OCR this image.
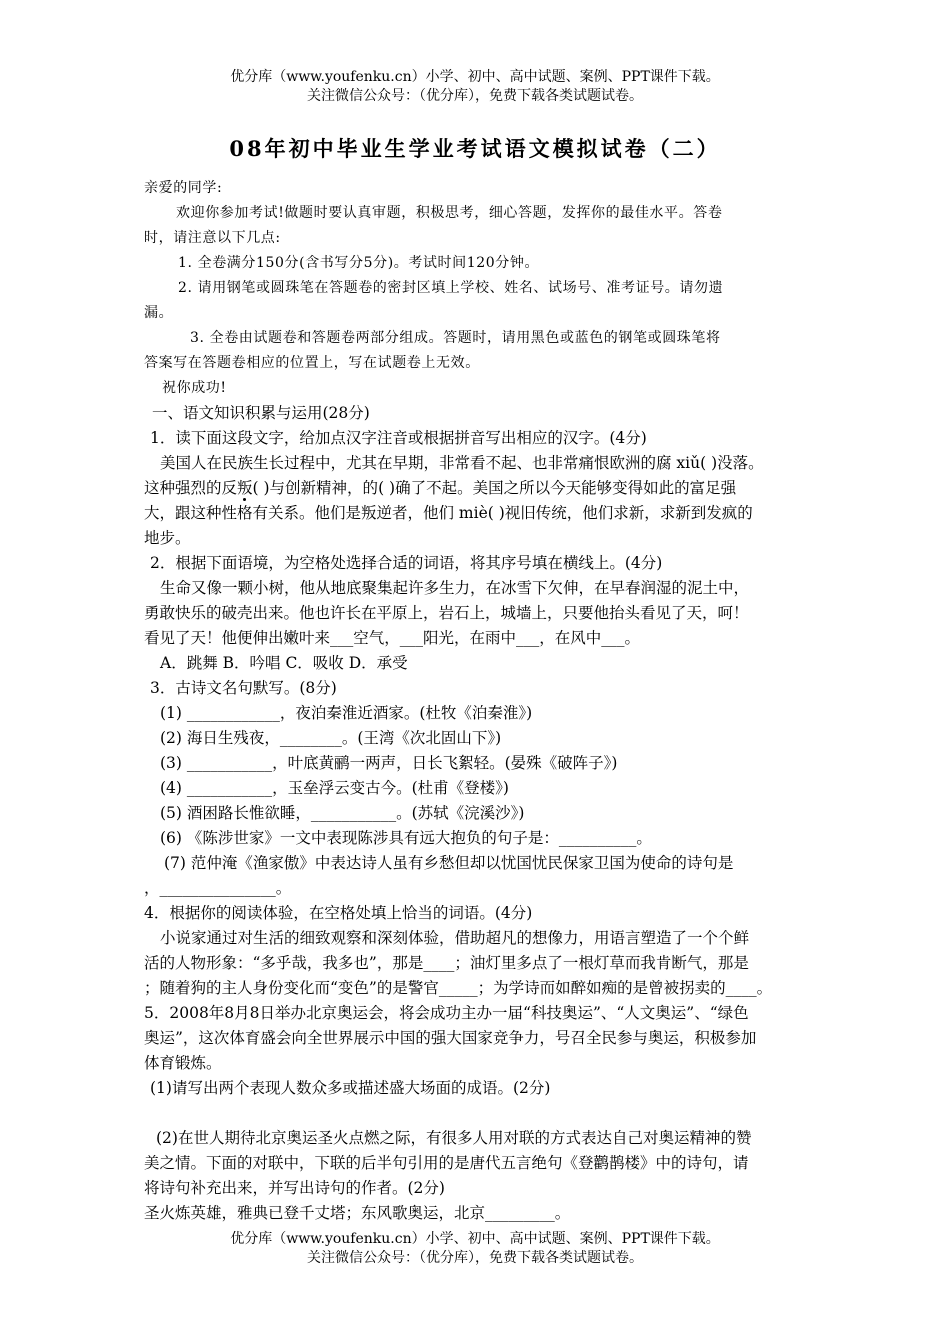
优分库（www.youfenku.cn）小学、初中、高中试题、案例、PPT课件下载。
关注微信公众号：（优分库），免费下载各类试题试卷。
08年初中毕业生学业考试语文模拟试卷（二）
亲爱的同学:
欢迎你参加考试!做题时要认真审题，积极思考，细心答题，发挥你的最佳水平。答卷
时，请注意以下几点:
1. 全卷满分150分(含书写分5分)。考试时间120分钟。
2. 请用钢笔或圆珠笔在答题卷的密封区填上学校、姓名、试场号、准考证号。请勿遗
漏。
3. 全卷由试题卷和答题卷两部分组成。答题时，请用黑色或蓝色的钢笔或圆珠笔将
答案写在答题卷相应的位置上，写在试题卷上无效。
祝你成功!
一、语文知识积累与运用(28分)
1．读下面这段文字，给加点汉字注音或根据拼音写出相应的汉字。(4分)
美国人在民族生长过程中，尤其在早期，非常看不起、也非常痛恨欧洲的腐 xiǔ( )没落。
这种强烈的反叛( )与创新精神，的( )确了不起。美国之所以今天能够变得如此的富足强
大，跟这种性格有关系。他们是叛逆者，他们 miè( )视旧传统，他们求新，求新到发疯的
地步。
2．根据下面语境，为空格处选择合适的词语，将其序号填在横线上。(4分)
生命又像一颗小树，他从地底聚集起许多生力，在冰雪下欠伸，在早春润湿的泥土中，
勇敢快乐的破壳出来。他也许长在平原上，岩石上，城墙上，只要他抬头看见了天，呵！
看见了天！他便伸出嫩叶来___空气，___阳光，在雨中___，在风中___。
A．跳舞 B．吟唱 C．吸收 D．承受
3．古诗文名句默写。(8分)
(1) ____________，夜泊秦淮近酒家。(杜牧《泊秦淮》)
(2) 海日生残夜，________。(王湾《次北固山下》)
(3) ___________，叶底黄鹂一两声，日长飞絮轻。(晏殊《破阵子》)
(4) ___________，玉垒浮云变古今。(杜甫《登楼》)
(5) 酒困路长惟欲睡，___________。(苏轼《浣溪沙》)
(6) 《陈涉世家》一文中表现陈涉具有远大抱负的句子是：__________。
(7) 范仲淹《渔家傲》中表达诗人虽有乡愁但却以忧国忧民保家卫国为使命的诗句是
，_______________。
4．根据你的阅读体验，在空格处填上恰当的词语。(4分)
小说家通过对生活的细致观察和深刻体验，借助超凡的想像力，用语言塑造了一个个鲜
活的人物形象：“多乎哉，我多也”，那是____；油灯里多点了一根灯草而我肯断气，那是
；随着狗的主人身份变化而“变色”的是警官_____；为学诗而如醉如痴的是曾被拐卖的____。
5．2008年8月8日举办北京奥运会，将会成功主办一届“科技奥运”、“人文奥运”、“绿色
奥运”，这次体育盛会向全世界展示中国的强大国家竞争力，号召全民参与奥运，积极参加
体育锻炼。
(1)请写出两个表现人数众多或描述盛大场面的成语。(2分)
(2)在世人期待北京奥运圣火点燃之际，有很多人用对联的方式表达自己对奥运精神的赞
美之情。下面的对联中，下联的后半句引用的是唐代五言绝句《登鹳鹊楼》中的诗句，请
将诗句补充出来，并写出诗句的作者。(2分)
圣火炼英雄，雅典已登千丈塔；东风歌奥运，北京_________。
优分库（www.youfenku.cn）小学、初中、高中试题、案例、PPT课件下载。
关注微信公众号：（优分库），免费下载各类试题试卷。
